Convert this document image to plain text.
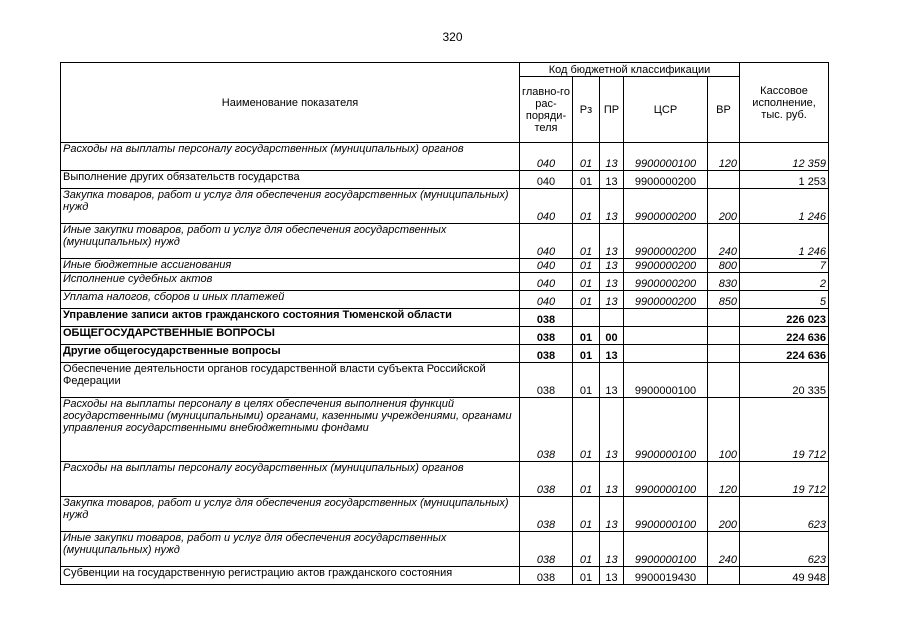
320
Наименование показателя	Код бюджетной классификации					Кассовое исполнение, тыс. руб.
	главно-го рас-поряди-теля	Рз	ПР	ЦСР	ВР	
Расходы на выплаты персоналу государственных (муниципальных) органов	040	01	13	9900000100	120	12 359
Выполнение других обязательств государства	040	01	13	9900000200		1 253
Закупка товаров, работ и услуг для обеспечения государственных (муниципальных) нужд	040	01	13	9900000200	200	1 246
Иные закупки товаров, работ и услуг для обеспечения государственных (муниципальных) нужд	040	01	13	9900000200	240	1 246
Иные бюджетные ассигнования	040	01	13	9900000200	800	7
Исполнение судебных актов	040	01	13	9900000200	830	2
Уплата налогов, сборов и иных платежей	040	01	13	9900000200	850	5
Управление записи актов гражданского состояния Тюменской области	038					226 023
ОБЩЕГОСУДАРСТВЕННЫЕ ВОПРОСЫ	038	01	00			224 636
Другие общегосударственные вопросы	038	01	13			224 636
Обеспечение деятельности органов государственной власти субъекта Российской Федерации	038	01	13	9900000100		20 335
Расходы на выплаты персоналу в целях обеспечения выполнения функций государственными (муниципальными) органами, казенными учреждениями, органами управления государственными внебюджетными фондами	038	01	13	9900000100	100	19 712
Расходы на выплаты персоналу государственных (муниципальных) органов	038	01	13	9900000100	120	19 712
Закупка товаров, работ и услуг для обеспечения государственных (муниципальных) нужд	038	01	13	9900000100	200	623
Иные закупки товаров, работ и услуг для обеспечения государственных (муниципальных) нужд	038	01	13	9900000100	240	623
Субвенции на государственную регистрацию актов гражданского состояния	038	01	13	9900019430		49 948
